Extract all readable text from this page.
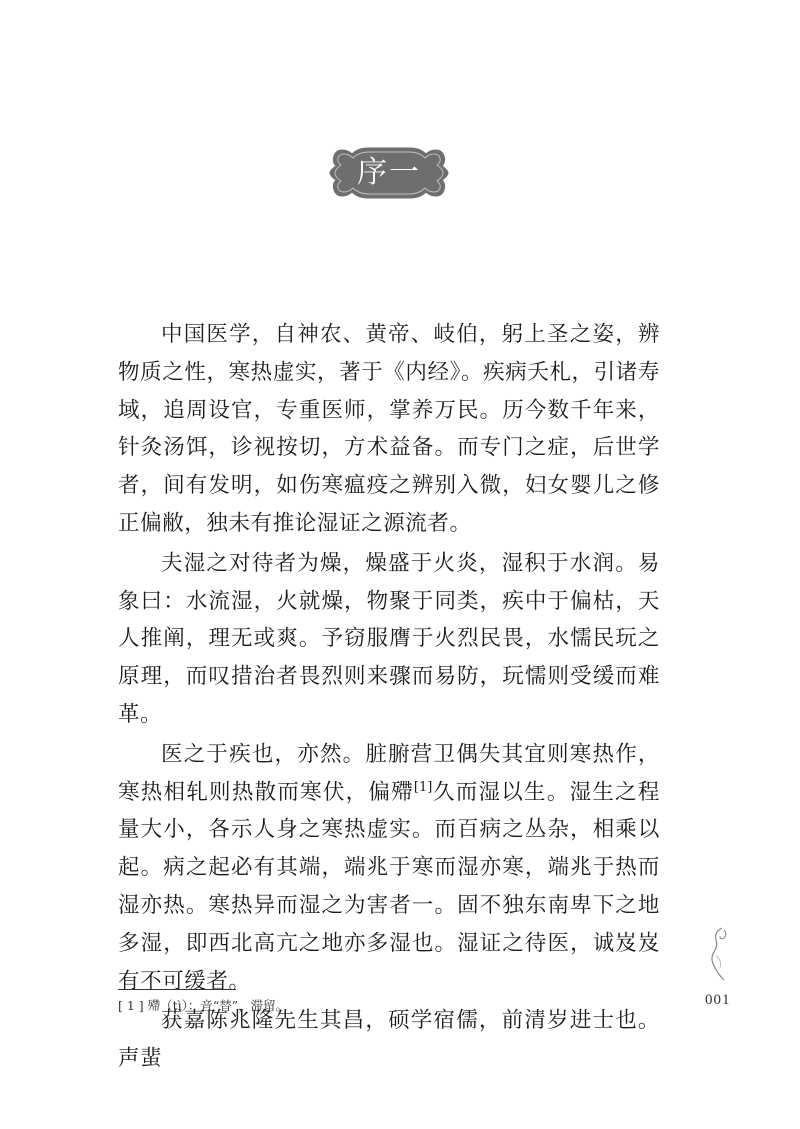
序一

中国医学，自神农、黄帝、岐伯，躬上圣之姿，辨物质之性，寒热虚实，著于《内经》。疾病夭札，引诸寿域，追周设官，专重医师，掌养万民。历今数千年来，针灸汤饵，诊视按切，方术益备。而专门之症，后世学者，间有发明，如伤寒瘟疫之辨别入微，妇女婴儿之修正偏敝，独未有推论湿证之源流者。

夫湿之对待者为燥，燥盛于火炎，湿积于水润。易象曰：水流湿，火就燥，物聚于同类，疾中于偏枯，天人推阐，理无或爽。予窃服膺于火烈民畏，水懦民玩之原理，而叹措治者畏烈则来骤而易防，玩懦则受缓而难革。

医之于疾也，亦然。脏腑营卫偶失其宜则寒热作，寒热相轧则热散而寒伏，偏殢[1]久而湿以生。湿生之程量大小，各示人身之寒热虚实。而百病之丛杂，相乘以起。病之起必有其端，端兆于寒而湿亦寒，端兆于热而湿亦热。寒热异而湿之为害者一。固不独东南卑下之地多湿，即西北高亢之地亦多湿也。湿证之待医，诚岌岌有不可缓者。

获嘉陈兆隆先生其昌，硕学宿儒，前清岁进士也。声蜚

[ 1 ] 殢（tì）：音“替”，滞留。	001
